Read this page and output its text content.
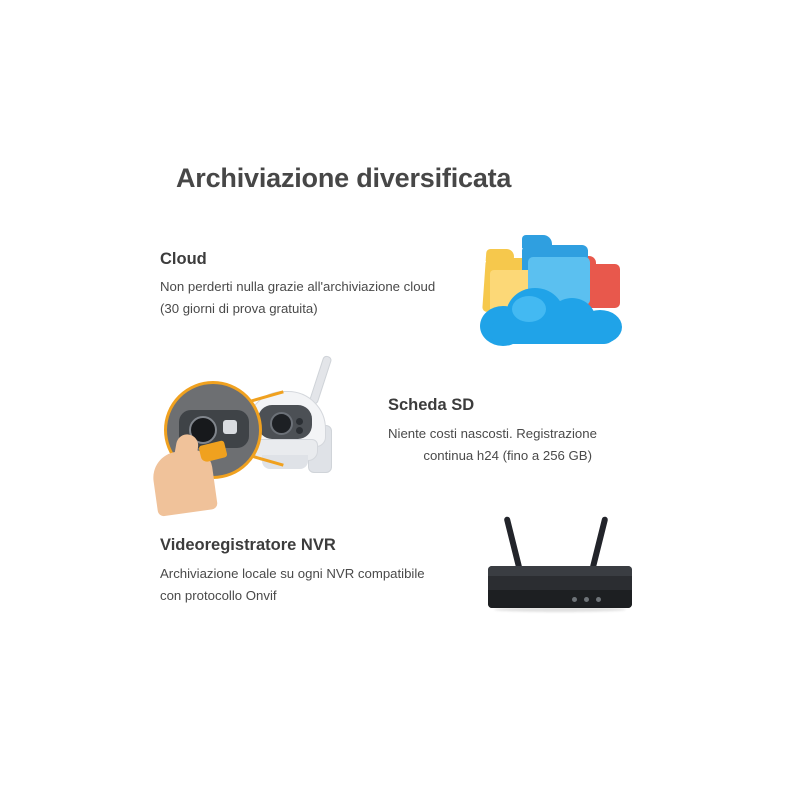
Archiviazione diversificata
Cloud
Non perderti nulla grazie all'archiviazione cloud
(30 giorni di prova gratuita)
Scheda SD
Niente costi nascosti. Registrazione
continua h24 (fino a 256 GB)
Videoregistratore NVR
Archiviazione locale su ogni NVR compatibile
con protocollo Onvif
